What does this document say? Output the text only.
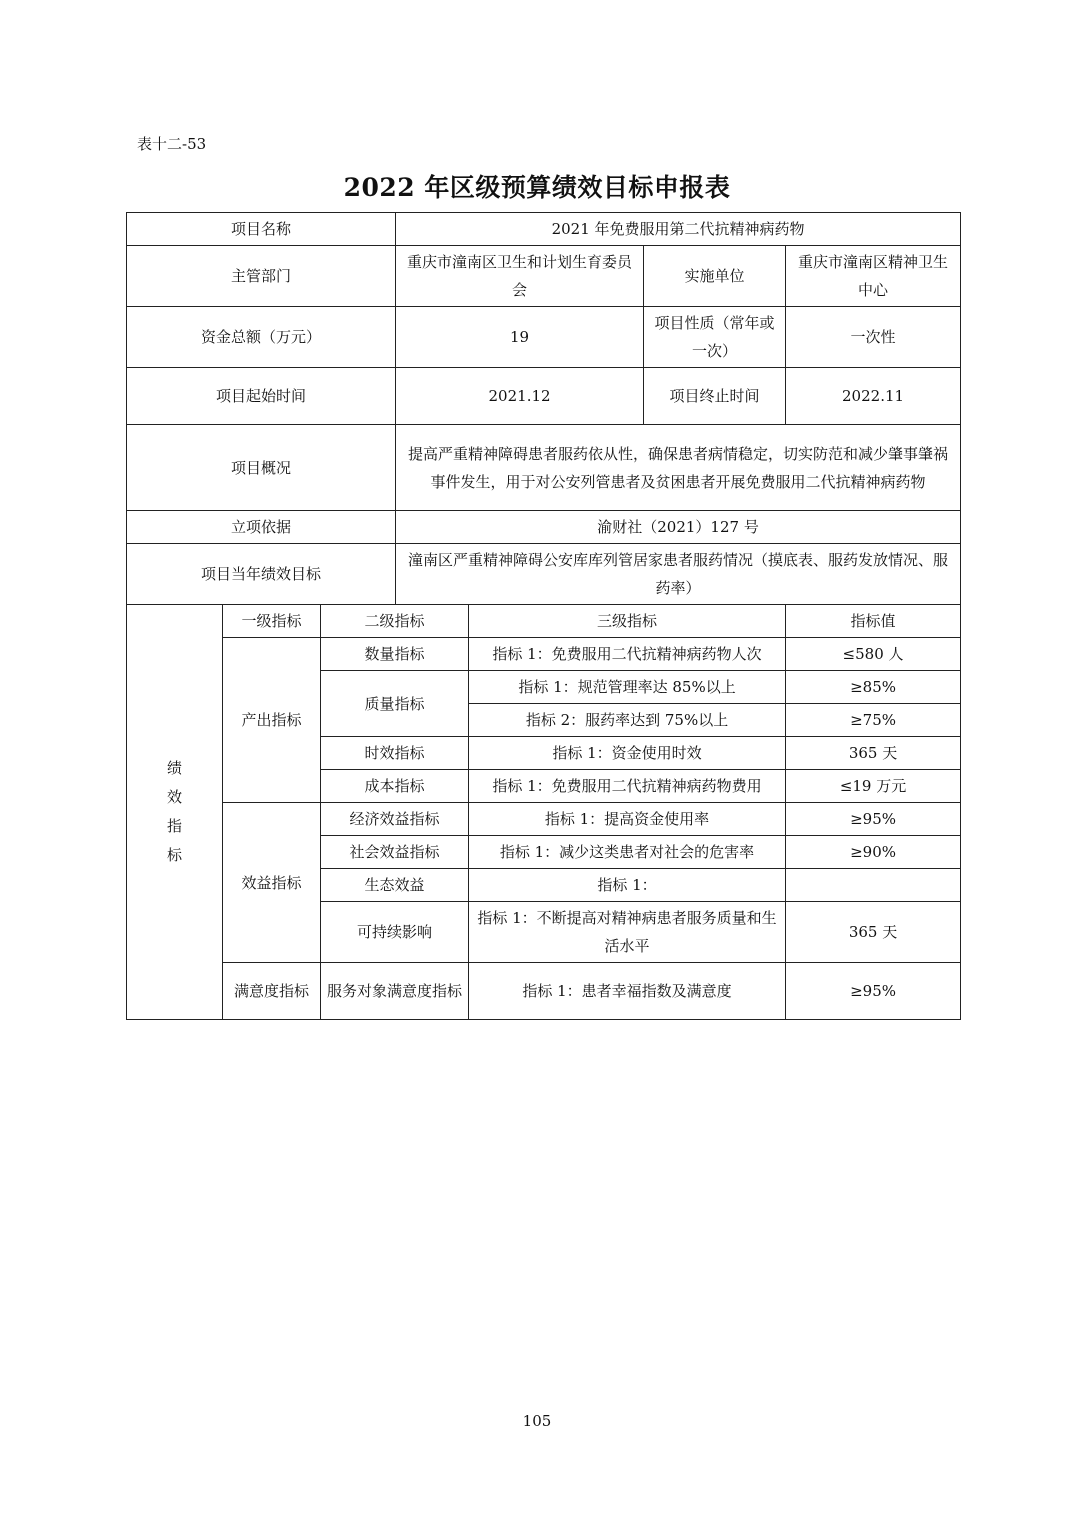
表十二-53
2022 年区级预算绩效目标申报表
项目名称			2021 年免费服用第二代抗精神病药物			
主管部门			重庆市潼南区卫生和计划生育委员会		实施单位	重庆市潼南区精神卫生中心
资金总额（万元）			19		项目性质（常年或一次）	一次性
项目起始时间			2021.12		项目终止时间	2022.11
项目概况			提高严重精神障碍患者服药依从性，确保患者病情稳定，切实防范和减少肇事肇祸事件发生，用于对公安列管患者及贫困患者开展免费服用二代抗精神病药物			
立项依据			渝财社（2021）127 号			
项目当年绩效目标			潼南区严重精神障碍公安库库列管居家患者服药情况（摸底表、服药发放情况、服药率）			

绩
效
指
标	一级指标	二级指标		三级指标		指标值
	产出指标	数量指标		指标 1：免费服用二代抗精神病药物人次		≤580 人
		质量指标		指标 1：规范管理率达 85%以上		≥85%
				指标 2：服药率达到 75%以上		≥75%
		时效指标		指标 1：资金使用时效		365 天
		成本指标		指标 1：免费服用二代抗精神病药物费用		≤19 万元
	效益指标	经济效益指标		指标 1：提高资金使用率		≥95%
		社会效益指标		指标 1：减少这类患者对社会的危害率		≥90%
		生态效益		指标 1：		
		可持续影响		指标 1：不断提高对精神病患者服务质量和生活水平		365 天
	满意度指标	服务对象满意度指标		指标 1：患者幸福指数及满意度		≥95%
105
